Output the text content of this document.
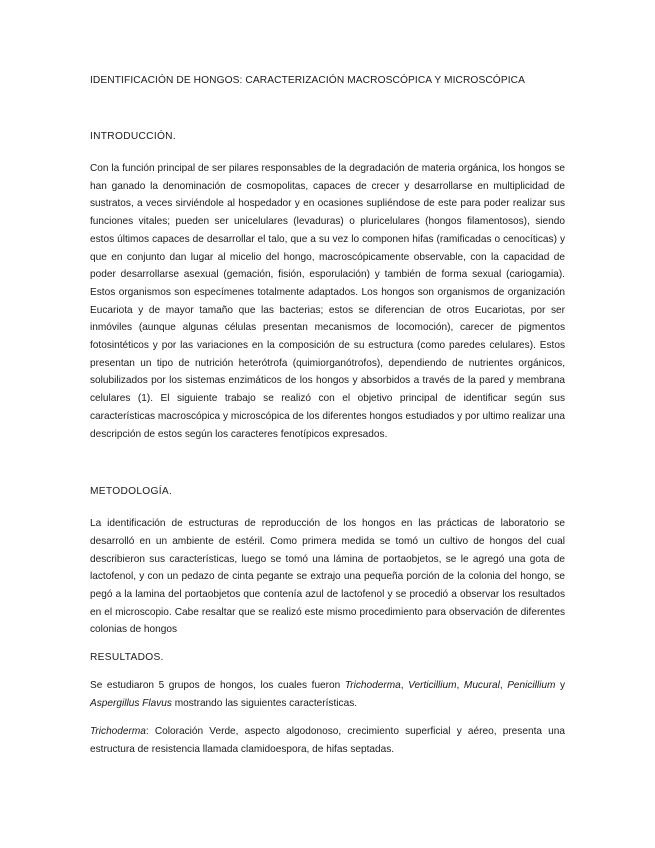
IDENTIFICACIÓN DE HONGOS: CARACTERIZACIÓN MACROSCÓPICA Y MICROSCÓPICA
INTRODUCCIÓN.

Con la función principal de ser pilares responsables de la degradación de materia orgánica, los hongos se han ganado la denominación de cosmopolitas, capaces de crecer y desarrollarse en multiplicidad de sustratos, a veces sirviéndole al hospedador y en ocasiones supliéndose de este para poder realizar sus funciones vitales; pueden ser unicelulares (levaduras) o pluricelulares (hongos filamentosos), siendo estos últimos capaces de desarrollar el talo, que a su vez lo componen hifas (ramificadas o cenocíticas) y que en conjunto dan lugar al micelio del hongo, macroscópicamente observable, con la capacidad de poder desarrollarse asexual (gemación, fisión, esporulación) y también de forma sexual (cariogamia). Estos organismos son especímenes totalmente adaptados. Los hongos son organismos de organización Eucariota y de mayor tamaño que las bacterias; estos se diferencian de otros Eucariotas, por ser inmóviles (aunque algunas células presentan mecanismos de locomoción), carecer de pigmentos fotosintéticos y por las variaciones en la composición de su estructura (como paredes celulares). Estos presentan un tipo de nutrición heterótrofa (quimiorganótrofos), dependiendo de nutrientes orgánicos, solubilizados por los sistemas enzimáticos de los hongos y absorbidos a través de la pared y membrana celulares (1). El siguiente trabajo se realizó con el objetivo principal de identificar según sus características macroscópica y microscópica de los diferentes hongos estudiados y por ultimo realizar una descripción de estos según los caracteres fenotípicos expresados.

METODOLOGÍA.

La identificación de estructuras de reproducción de los hongos en las prácticas de laboratorio se desarrolló en un ambiente de estéril. Como primera medida se tomó un cultivo de hongos del cual describieron sus características, luego se tomó una lámina de portaobjetos, se le agregó una gota de lactofenol, y con un pedazo de cinta pegante se extrajo una pequeña porción de la colonia del hongo, se pegó a la lamina del portaobjetos que contenía azul de lactofenol y se procedió a observar los resultados en el microscopio. Cabe resaltar que se realizó este mismo procedimiento para observación de diferentes colonias de hongos

RESULTADOS.

Se estudiaron 5 grupos de hongos, los cuales fueron Trichoderma, Verticillium, Mucural, Penicillium y Aspergillus Flavus mostrando las siguientes características.

Trichoderma: Coloración Verde, aspecto algodonoso, crecimiento superficial y aéreo, presenta una estructura de resistencia llamada clamidoespora, de hifas septadas.
